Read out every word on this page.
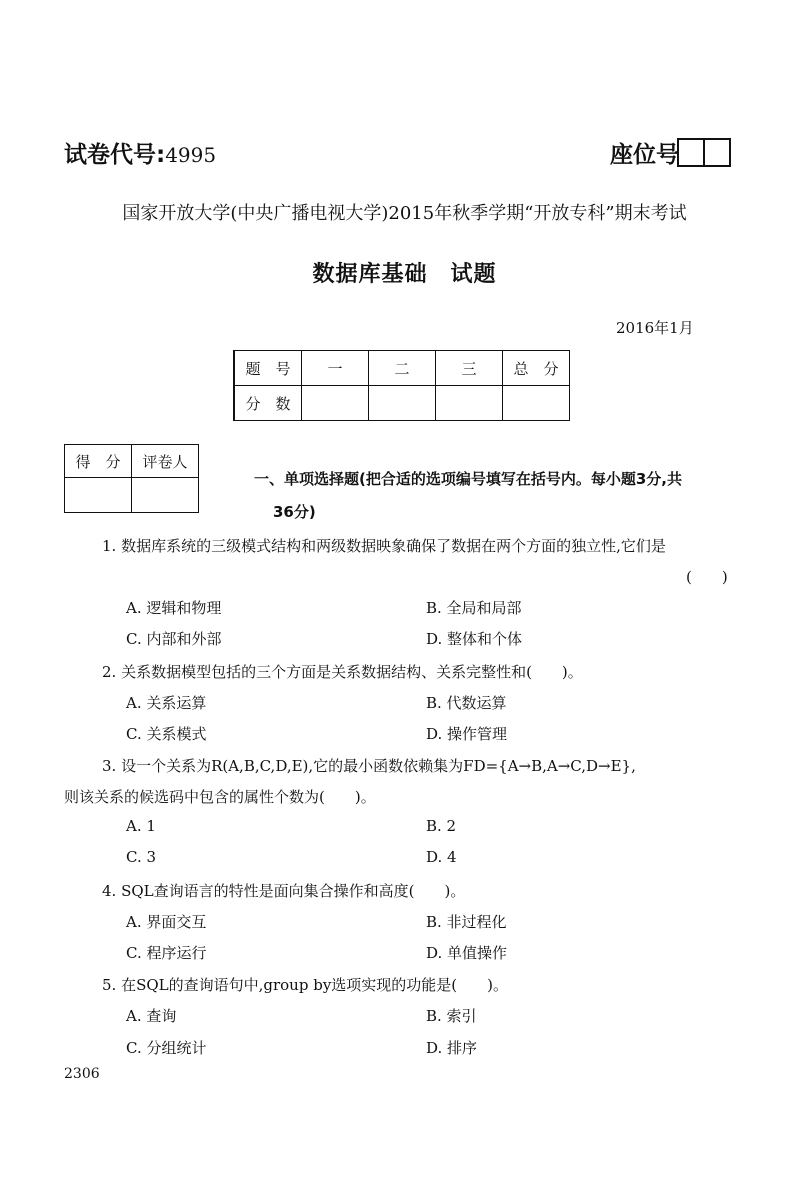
试卷代号:4995	座位号
国家开放大学(中央广播电视大学)2015年秋季学期“开放专科”期末考试
数据库基础　试题
2016年1月
题　号	一	二	三	总　分
分　数				
得　分	评卷人

一、单项选择题(把合适的选项编号填写在括号内。每小题3分,共
36分)
1. 数据库系统的三级模式结构和两级数据映象确保了数据在两个方面的独立性,它们是
(　　)
A. 逻辑和物理	B. 全局和局部
C. 内部和外部	D. 整体和个体
2. 关系数据模型包括的三个方面是关系数据结构、关系完整性和(　　)。
A. 关系运算	B. 代数运算
C. 关系模式	D. 操作管理
3. 设一个关系为R(A,B,C,D,E),它的最小函数依赖集为FD={A→B,A→C,D→E},
则该关系的候选码中包含的属性个数为(　　)。
A. 1	B. 2
C. 3	D. 4
4. SQL查询语言的特性是面向集合操作和高度(　　)。
A. 界面交互	B. 非过程化
C. 程序运行	D. 单值操作
5. 在SQL的查询语句中,group by选项实现的功能是(　　)。
A. 查询	B. 索引
C. 分组统计	D. 排序
2306
